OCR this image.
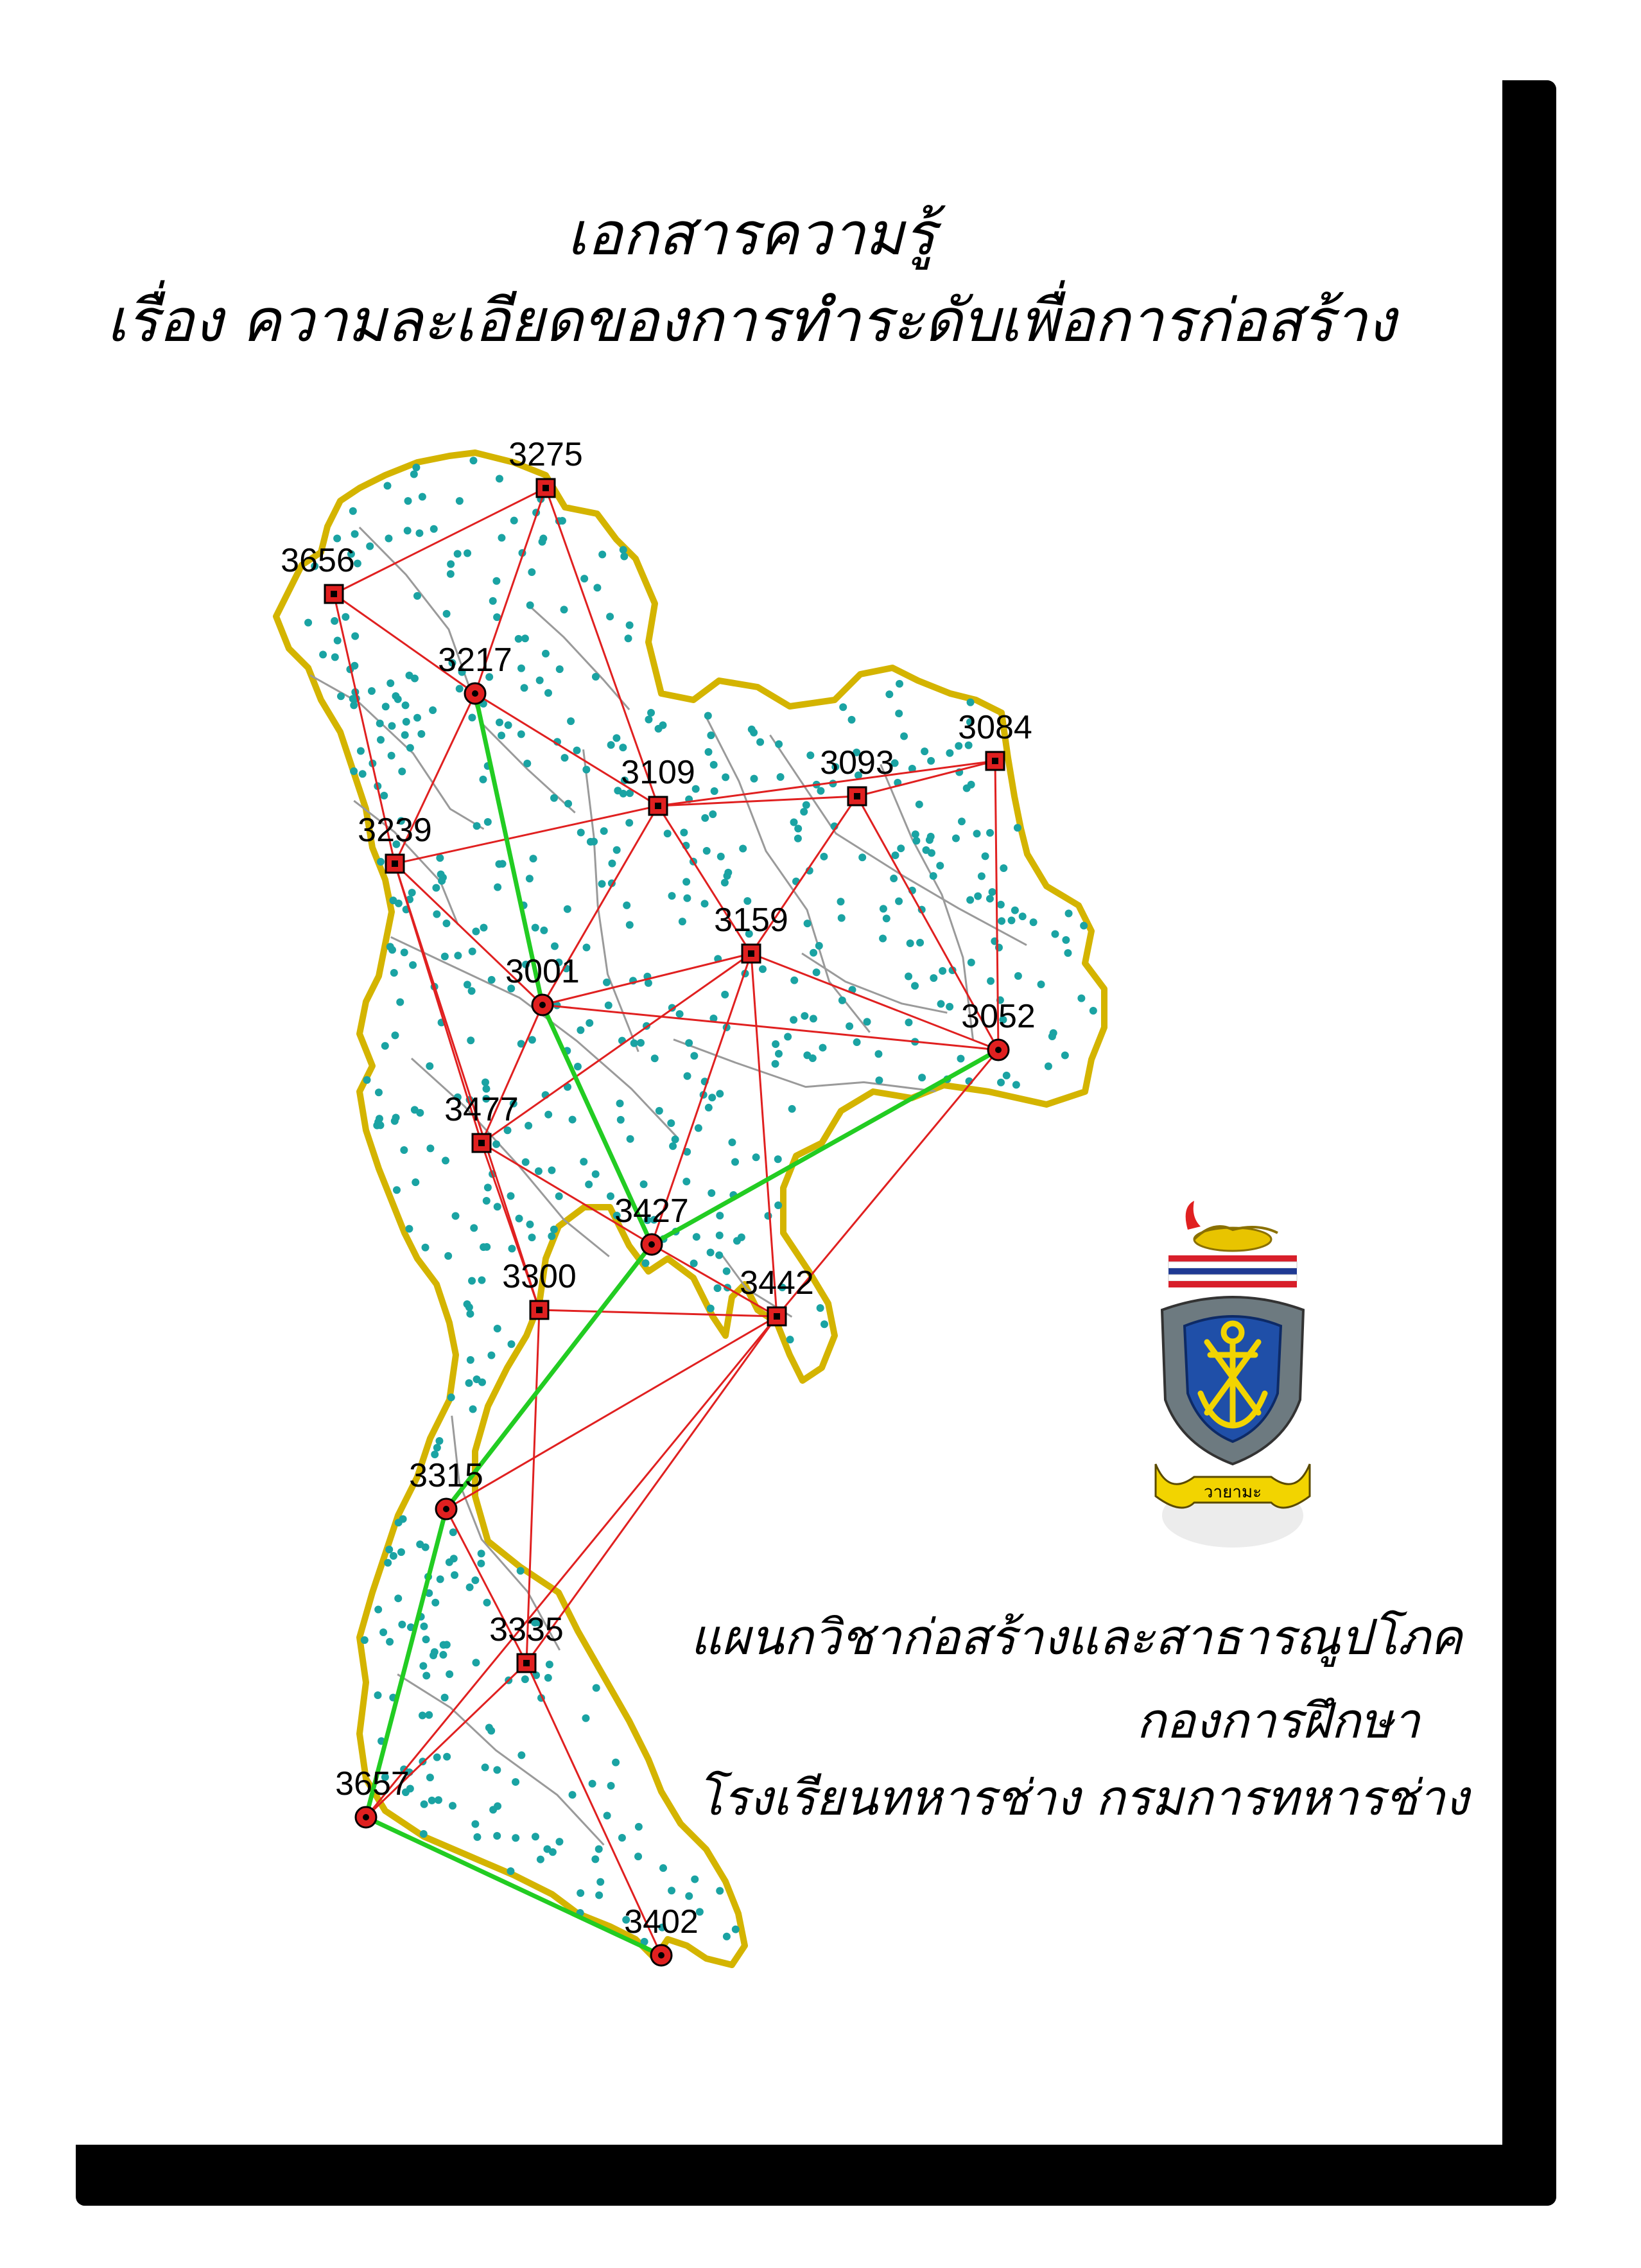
เอกสารความรู้
เรื่อง ความละเอียดของการทำระดับเพื่อการก่อสร้าง
3275
3656
3217
3109	3093
3084
3239
3159
3001
3052
3477
3427
3300	3442
3315
3335
3657
3402
วายามะ
แผนกวิชาก่อสร้างและสาธารณูปโภค
กองการฝึกษา
โรงเรียนทหารช่าง กรมการทหารช่าง
